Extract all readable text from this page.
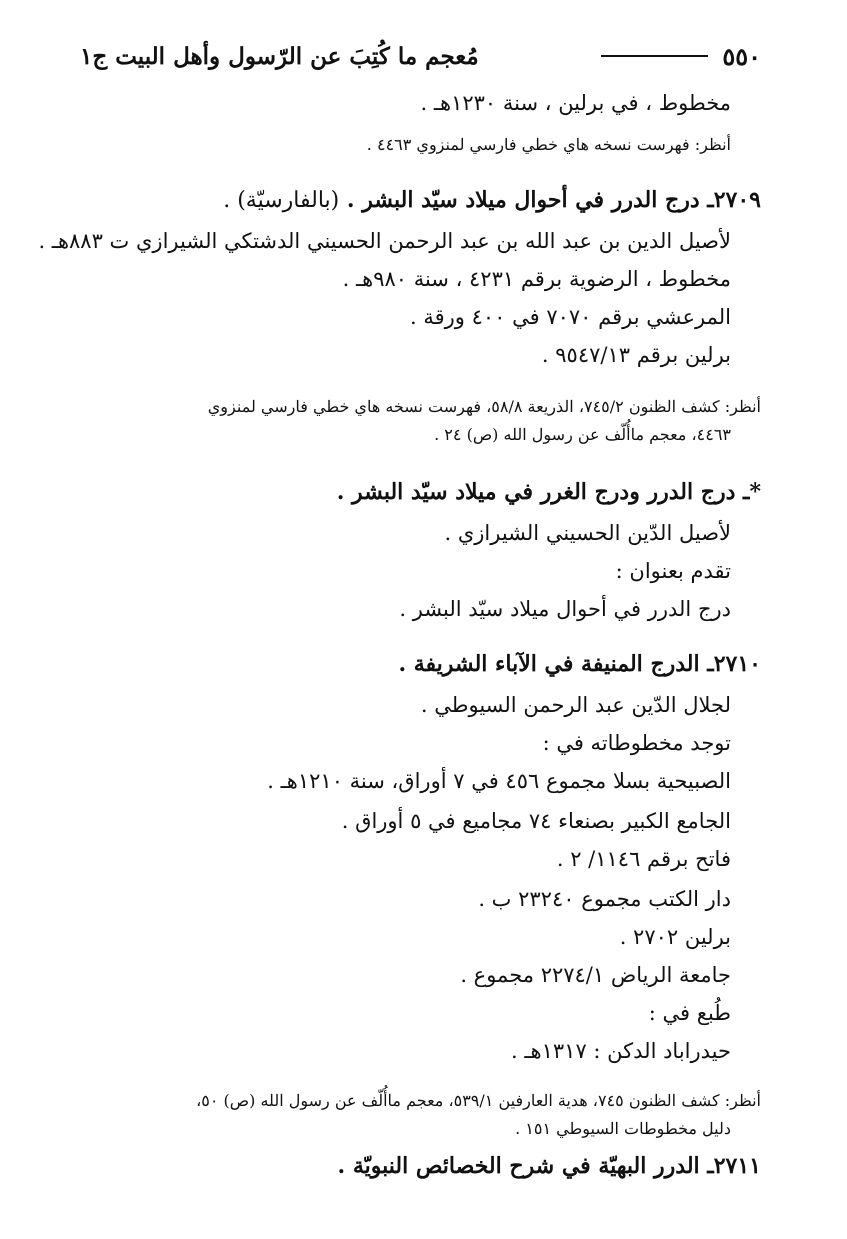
٥٥٠
مُعجم ما كُتِبَ عن الرّسول وأهل البيت ج١
مخطوط ، في برلين ، سنة ١٢٣٠هـ .
أنظر: فهرست نسخه هاي خطي فارسي لمنزوي ٤٤٦٣ .
٢٧٠٩ـ درج الدرر في أحوال ميلاد سيّد البشر . (بالفارسيّة) .
لأصيل الدين بن عبد الله بن عبد الرحمن الحسيني الدشتكي الشيرازي ت ٨٨٣هـ .
مخطوط ، الرضوية برقم ٤٢٣١ ، سنة ٩٨٠هـ .
المرعشي برقم ٧٠٧٠ في ٤٠٠ ورقة .
برلين برقم ٩٥٤٧/١٣ .
أنظر: كشف الظنون ٧٤٥/٢، الذريعة ٥٨/٨، فهرست نسخه هاي خطي فارسي لمنزوي
٤٤٦٣، معجم ماأُلّف عن رسول الله (ص) ٢٤ .
*ـ درج الدرر ودرج الغرر في ميلاد سيّد البشر .
لأصيل الدّين الحسيني الشيرازي .
تقدم بعنوان :
درج الدرر في أحوال ميلاد سيّد البشر .
٢٧١٠ـ الدرج المنيفة في الآباء الشريفة .
لجلال الدّين عبد الرحمن السيوطي .
توجد مخطوطاته في :
الصبيحية بسلا مجموع ٤٥٦ في ٧ أوراق، سنة ١٢١٠هـ .
الجامع الكبير بصنعاء ٧٤ مجاميع في ٥ أوراق .
فاتح برقم ١١٤٦/ ٢ .
دار الكتب مجموع ٢٣٢٤٠ ب .
برلين ٢٧٠٢ .
جامعة الرياض ٢٢٧٤/١ مجموع .
طُبع في :
حيدرا‌باد الدكن : ١٣١٧هـ .
أنظر: كشف الظنون ٧٤٥، هدية العارفين ٥٣٩/١، معجم ماأُلّف عن رسول الله (ص) ٥٠،
دليل مخطوطات السيوطي ١٥١ .
٢٧١١ـ الدرر البهيّة في شرح الخصائص النبويّة .
